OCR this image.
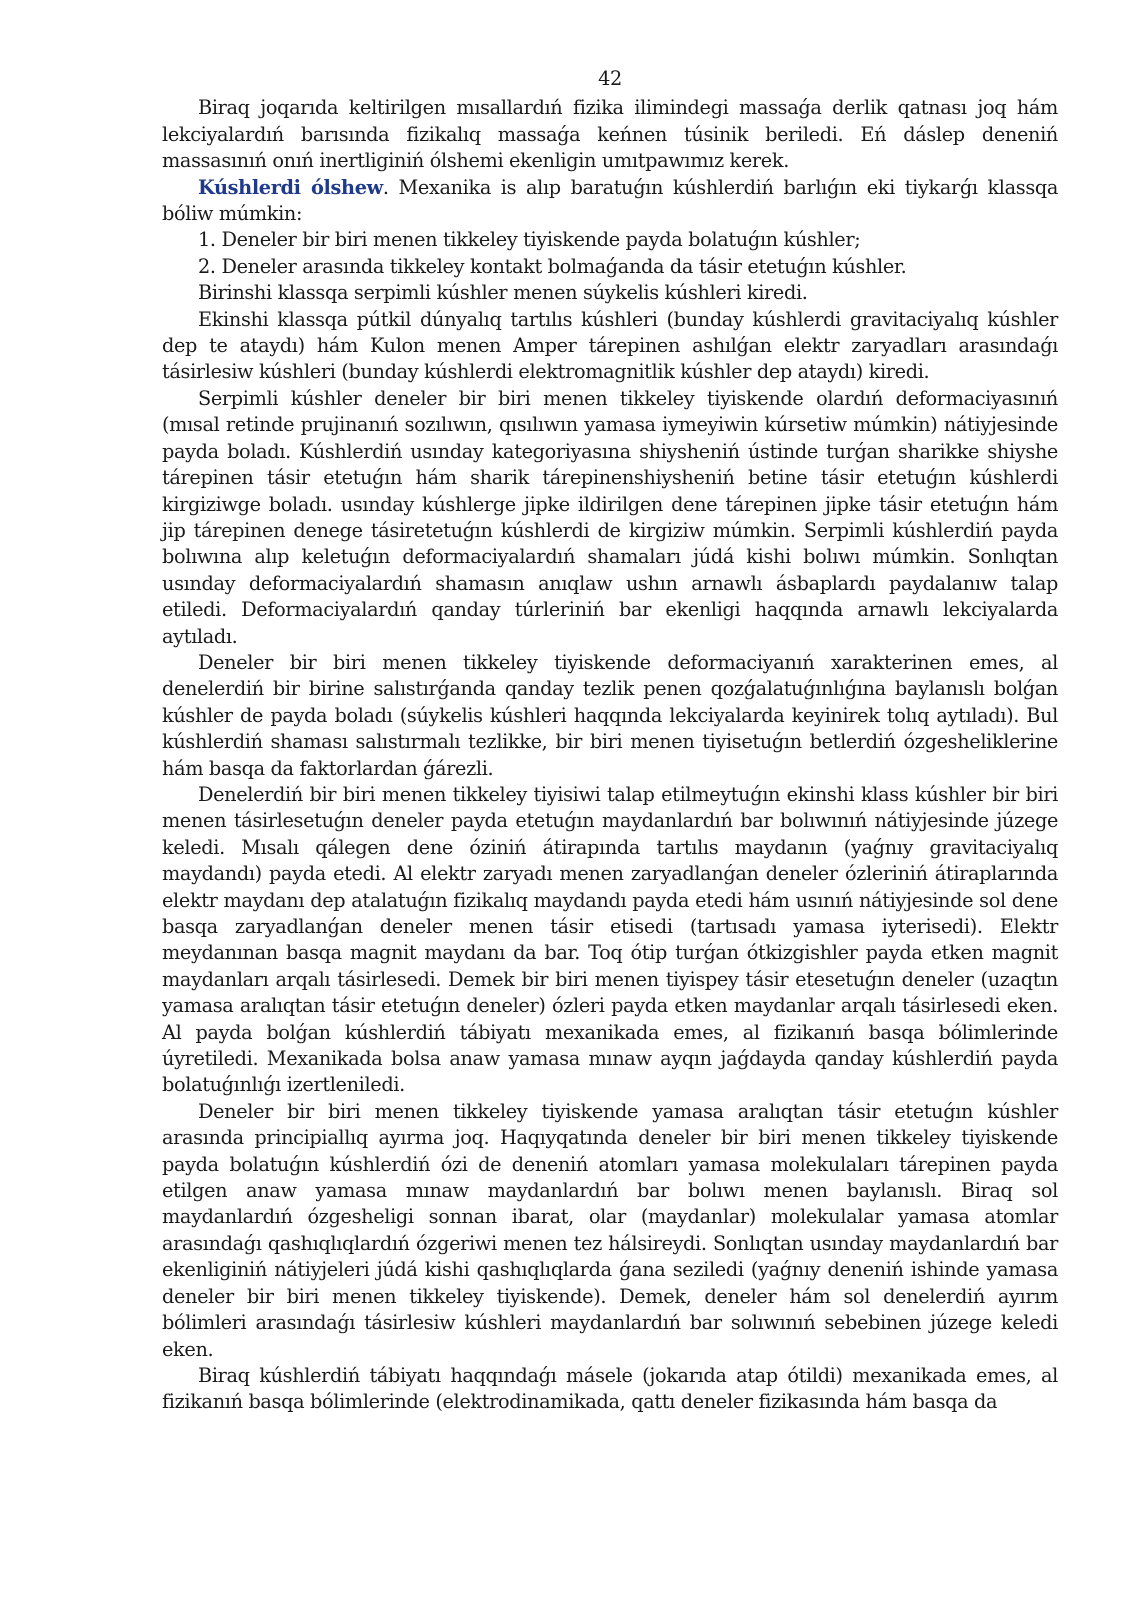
42

Biraq joqarıda keltirilgen mısallardıń fizika ilimindegi massaǵa derlik qatnası joq hám lekciyalardıń barısında fizikalıq massaǵa keńnen túsinik beriledi. Eń dáslep deneniń massasınıń onıń inertliginiń ólshemi ekenligin umıtpawımız kerek.

Kúshlerdi ólshew. Mexanika is alıp baratuǵın kúshlerdiń barlıǵın eki tiykarǵı klassqa bóliw múmkin:

1. Deneler bir biri menen tikkeley tiyiskende payda bolatuǵın kúshler;

2. Deneler arasında tikkeley kontakt bolmaǵanda da tásir etetuǵın kúshler.

Birinshi klassqa serpimli kúshler menen súykelis kúshleri kiredi.

Ekinshi klassqa pútkil dúnyalıq tartılıs kúshleri (bunday kúshlerdi gravitaciyalıq kúshler dep te ataydı) hám Kulon menen Amper tárepinen ashılǵan elektr zaryadları arasındaǵı tásirlesiw kúshleri (bunday kúshlerdi elektromagnitlik kúshler dep ataydı) kiredi.

Serpimli kúshler deneler bir biri menen tikkeley tiyiskende olardıń deformaciyasınıń (mısal retinde prujinanıń sozılıwın, qısılıwın yamasa iymeyiwin kúrsetiw múmkin) nátiyjesinde payda boladı. Kúshlerdiń usınday kategoriyasına shiysheniń ústinde turǵan sharikke shiyshe tárepinen tásir etetuǵın hám sharik tárepinenshiysheniń betine tásir etetuǵın kúshlerdi kirgiziwge boladı. usınday kúshlerge jipke ildirilgen dene tárepinen jipke tásir etetuǵın hám jip tárepinen denege tásiretetuǵın kúshlerdi de kirgiziw múmkin. Serpimli kúshlerdiń payda bolıwına alıp keletuǵın deformaciyalardıń shamaları júdá kishi bolıwı múmkin. Sonlıqtan usınday deformaciyalardıń shamasın anıqlaw ushın arnawlı ásbaplardı paydalanıw talap etiledi. Deformaciyalardıń qanday túrleriniń bar ekenligi haqqında arnawlı lekciyalarda aytıladı.

Deneler bir biri menen tikkeley tiyiskende deformaciyanıń xarakterinen emes, al denelerdiń bir birine salıstırǵanda qanday tezlik penen qozǵalatuǵınlıǵına baylanıslı bolǵan kúshler de payda boladı (súykelis kúshleri haqqında lekciyalarda keyinirek tolıq aytıladı). Bul kúshlerdiń shaması salıstırmalı tezlikke, bir biri menen tiyisetuǵın betlerdiń ózgesheliklerine hám basqa da faktorlardan ǵárezli.

Denelerdiń bir biri menen tikkeley tiyisiwi talap etilmeytuǵın ekinshi klass kúshler bir biri menen tásirlesetuǵın deneler payda etetuǵın maydanlardıń bar bolıwınıń nátiyjesinde júzege keledi. Mısalı qálegen dene óziniń átirapında tartılıs maydanın (yaǵnıy gravitaciyalıq maydandı) payda etedi. Al elektr zaryadı menen zaryadlanǵan deneler ózleriniń átiraplarında elektr maydanı dep atalatuǵın fizikalıq maydandı payda etedi hám usınıń nátiyjesinde sol dene basqa zaryadlanǵan deneler menen tásir etisedi (tartısadı yamasa iyterisedi). Elektr meydanınan basqa magnit maydanı da bar. Toq ótip turǵan ótkizgishler payda etken magnit maydanları arqalı tásirlesedi. Demek bir biri menen tiyispey tásir etesetuǵın deneler (uzaqtın yamasa aralıqtan tásir etetuǵın deneler) ózleri payda etken maydanlar arqalı tásirlesedi eken. Al payda bolǵan kúshlerdiń tábiyatı mexanikada emes, al fizikanıń basqa bólimlerinde úyretiledi. Mexanikada bolsa anaw yamasa mınaw ayqın jaǵdayda qanday kúshlerdiń payda bolatuǵınlıǵı izertleniledi.

Deneler bir biri menen tikkeley tiyiskende yamasa aralıqtan tásir etetuǵın kúshler arasında principiallıq ayırma joq. Haqıyqatında deneler bir biri menen tikkeley tiyiskende payda bolatuǵın kúshlerdiń ózi de deneniń atomları yamasa molekulaları tárepinen payda etilgen anaw yamasa mınaw maydanlardıń bar bolıwı menen baylanıslı. Biraq sol maydanlardıń ózgesheligi sonnan ibarat, olar (maydanlar) molekulalar yamasa atomlar arasındaǵı qashıqlıqlardıń ózgeriwi menen tez hálsireydi. Sonlıqtan usınday maydanlardıń bar ekenliginiń nátiyjeleri júdá kishi qashıqlıqlarda ǵana seziledi (yaǵnıy deneniń ishinde yamasa deneler bir biri menen tikkeley tiyiskende). Demek, deneler hám sol denelerdiń ayırım bólimleri arasındaǵı tásirlesiw kúshleri maydanlardıń bar solıwınıń sebebinen júzege keledi eken.

Biraq kúshlerdiń tábiyatı haqqındaǵı másele (jokarıda atap ótildi) mexanikada emes, al fizikanıń basqa bólimlerinde (elektrodinamikada, qattı deneler fizikasında hám basqa da
